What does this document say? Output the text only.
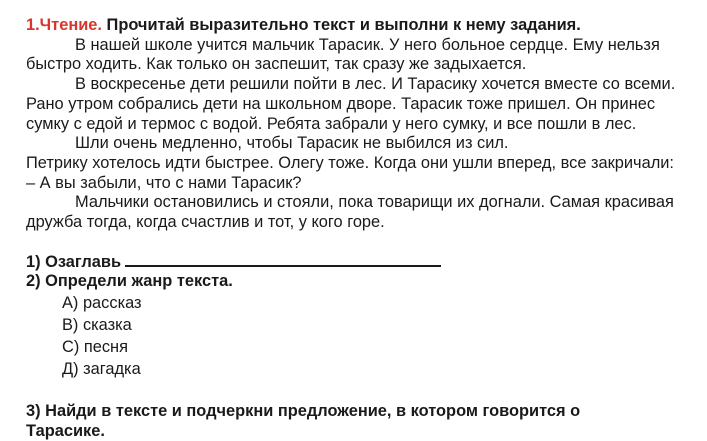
1.Чтение. Прочитай выразительно текст и выполни к нему задания.

В нашей школе учится мальчик Тарасик. У него больное сердце. Ему нельзя быстро ходить. Как только он заспешит, так сразу же задыхается.

В воскресенье дети решили пойти в лес. И Тарасику хочется вместе со всеми.

Рано утром собрались дети на школьном дворе. Тарасик тоже пришел. Он принес сумку с едой и термос с водой. Ребята забрали у него сумку, и все пошли в лес.

Шли очень медленно, чтобы Тарасик не выбился из сил.

Петрику хотелось идти быстрее. Олегу тоже. Когда они ушли вперед, все закричали:

– А вы забыли, что с нами Тарасик?

Мальчики остановились и стояли, пока товарищи их догнали. Самая красивая дружба тогда, когда счастлив и тот, у кого горе.

1) Озаглавь

2) Определи жанр текста.

А) рассказ

В) сказка

С) песня

Д) загадка

3) Найди в тексте и подчеркни предложение, в котором говорится о Тарасике.
